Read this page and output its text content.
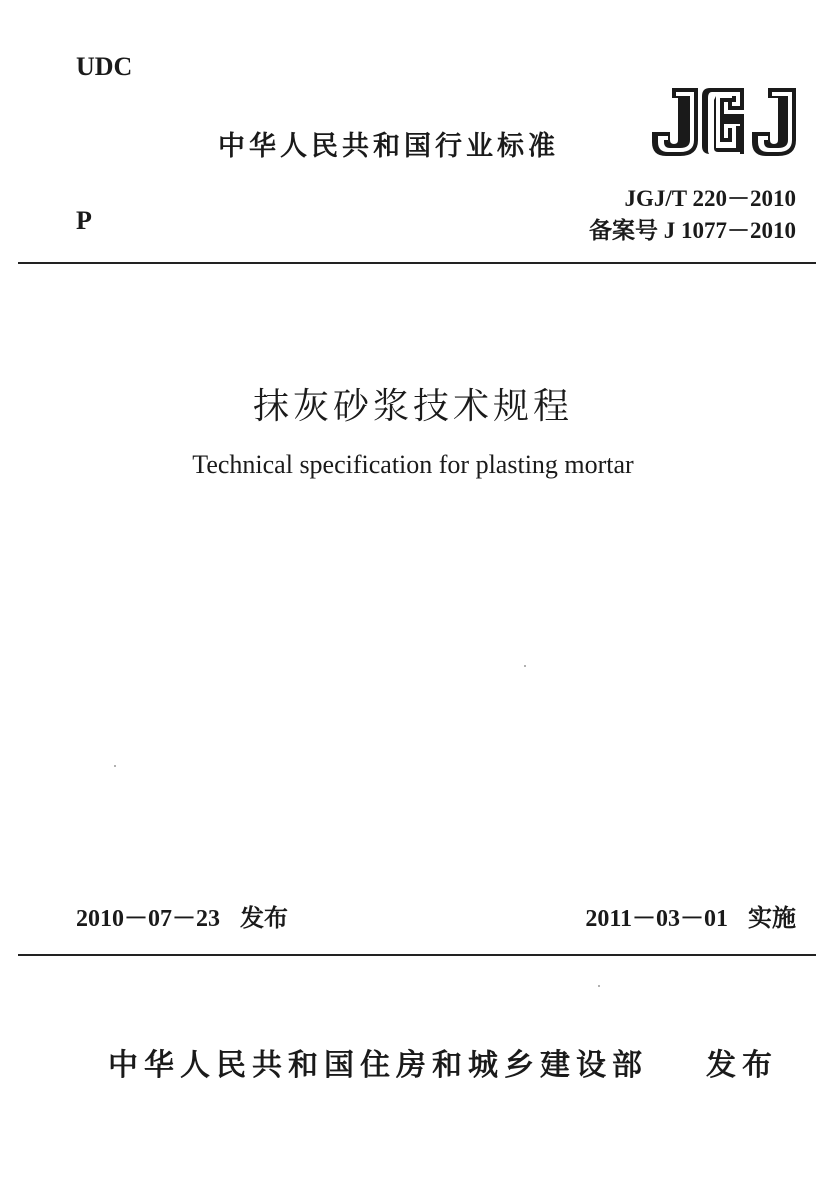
UDC
中华人民共和国行业标准
JGJ/T 220－2010
P	备案号 J 1077－2010
抹灰砂浆技术规程
Technical specification for plasting mortar
2010－07－23 发布	2011－03－01 实施
中华人民共和国住房和城乡建设部 发布
